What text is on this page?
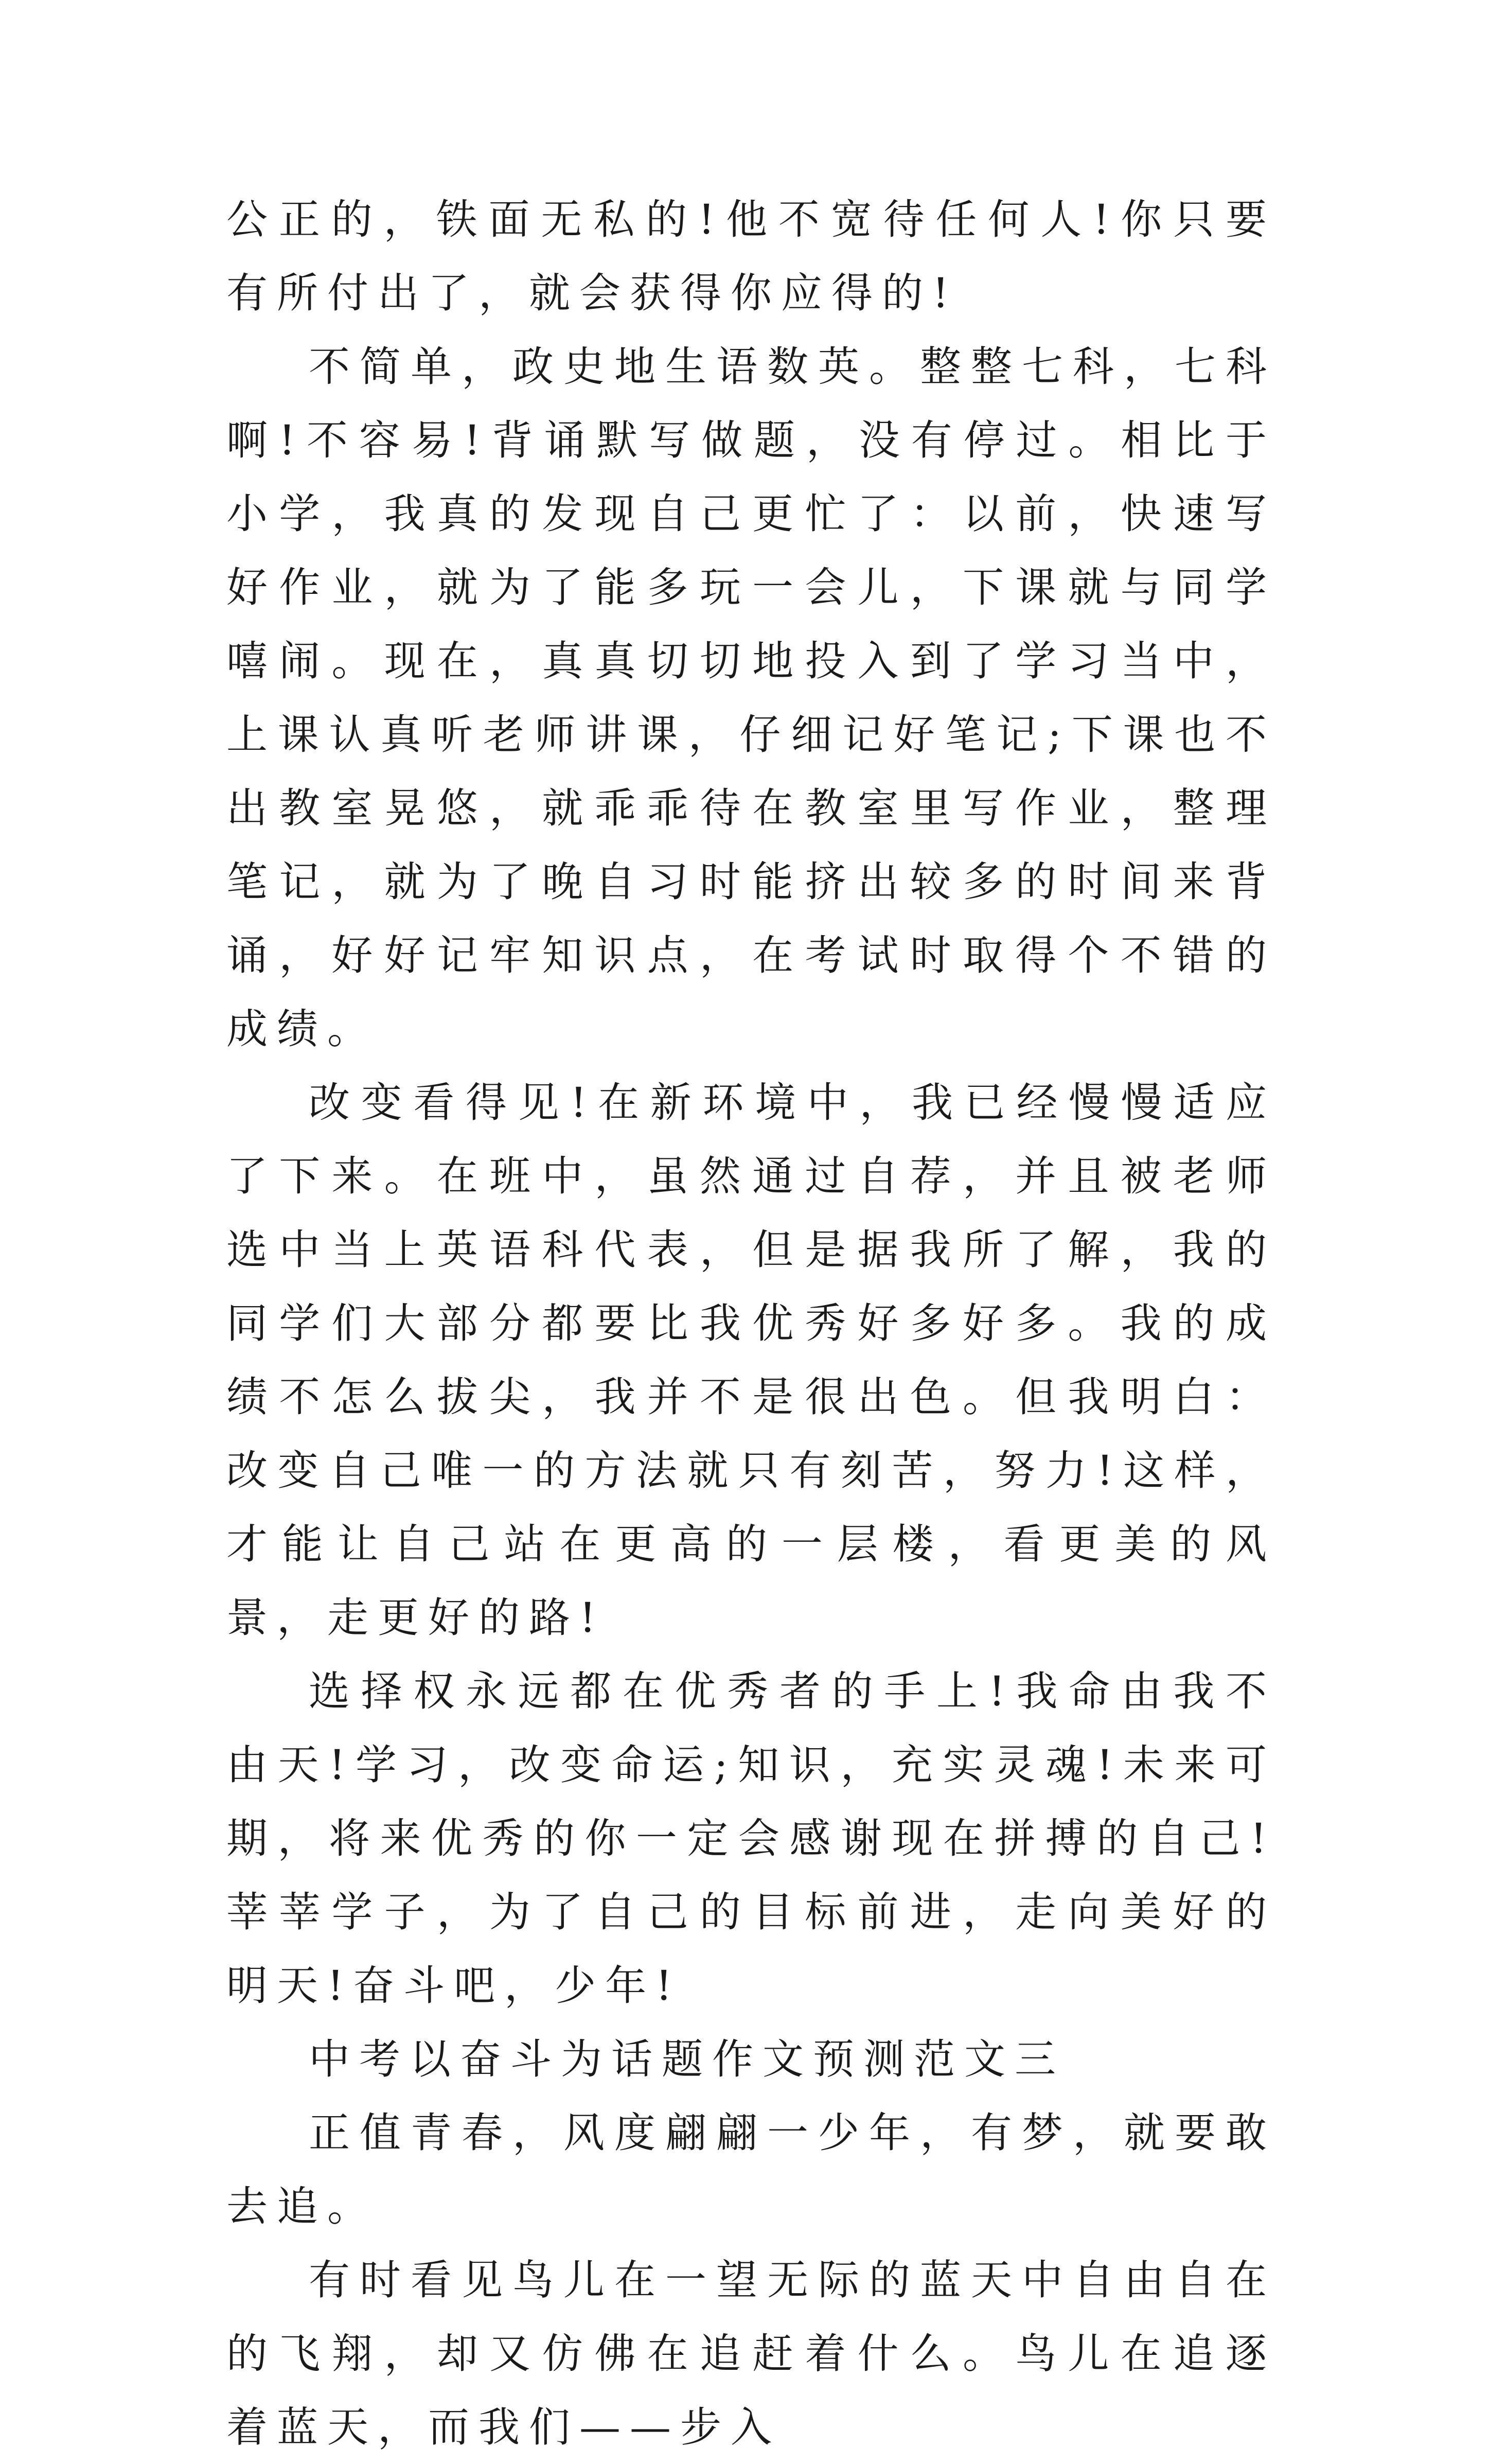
公正的，铁面无私的!他不宽待任何人!你只要有所付出了，就会获得你应得的!

不简单，政史地生语数英。整整七科，七科啊!不容易!背诵默写做题，没有停过。相比于小学，我真的发现自己更忙了：以前，快速写好作业，就为了能多玩一会儿，下课就与同学嘻闹。现在，真真切切地投入到了学习当中，上课认真听老师讲课，仔细记好笔记;下课也不出教室晃悠，就乖乖待在教室里写作业，整理笔记，就为了晚自习时能挤出较多的时间来背诵，好好记牢知识点，在考试时取得个不错的成绩。

改变看得见!在新环境中，我已经慢慢适应了下来。在班中，虽然通过自荐，并且被老师选中当上英语科代表，但是据我所了解，我的同学们大部分都要比我优秀好多好多。我的成绩不怎么拔尖，我并不是很出色。但我明白：改变自己唯一的方法就只有刻苦，努力!这样，才能让自己站在更高的一层楼，看更美的风景，走更好的路!

选择权永远都在优秀者的手上!我命由我不由天!学习，改变命运;知识，充实灵魂!未来可期，将来优秀的你一定会感谢现在拼搏的自己!莘莘学子，为了自己的目标前进，走向美好的明天!奋斗吧，少年!

中考以奋斗为话题作文预测范文三

正值青春，风度翩翩一少年，有梦，就要敢去追。

有时看见鸟儿在一望无际的蓝天中自由自在的飞翔，却又仿佛在追赶着什么。鸟儿在追逐着蓝天，而我们——步入
